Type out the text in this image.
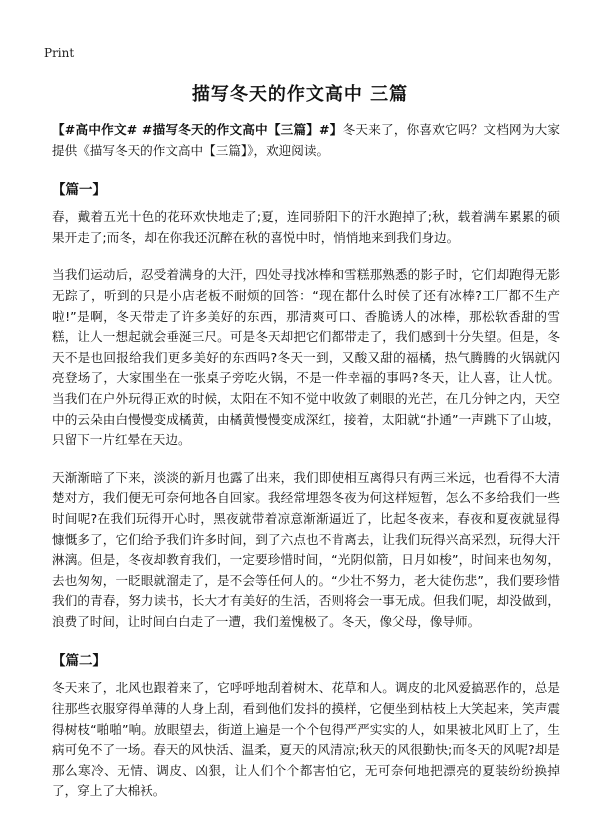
Print
描写冬天的作文高中 三篇

【#高中作文# #描写冬天的作文高中【三篇】#】冬天来了，你喜欢它吗？文档网为大家提供《描写冬天的作文高中【三篇】》，欢迎阅读。

【篇一】

春，戴着五光十色的花环欢快地走了;夏，连同骄阳下的汗水跑掉了;秋，载着满车累累的硕果开走了;而冬，却在你我还沉醉在秋的喜悦中时，悄悄地来到我们身边。

当我们运动后，忍受着满身的大汗，四处寻找冰棒和雪糕那熟悉的影子时，它们却跑得无影无踪了，听到的只是小店老板不耐烦的回答：“现在都什么时侯了还有冰棒?工厂都不生产啦!”是啊，冬天带走了许多美好的东西，那清爽可口、香脆诱人的冰棒，那松软香甜的雪糕，让人一想起就会垂涎三尺。可是冬天却把它们都带走了，我们感到十分失望。但是，冬天不是也回报给我们更多美好的东西吗?冬天一到，又酸又甜的福橘，热气腾腾的火锅就闪亮登场了，大家围坐在一张桌子旁吃火锅，不是一件幸福的事吗?冬天，让人喜，让人忧。当我们在户外玩得正欢的时候，太阳在不知不觉中收敛了刺眼的光芒，在几分钟之内，天空中的云朵由白慢慢变成橘黄，由橘黄慢慢变成深红，接着，太阳就“扑通”一声跳下了山坡，只留下一片红晕在天边。

天渐渐暗了下来，淡淡的新月也露了出来，我们即使相互离得只有两三米远，也看得不大清楚对方，我们便无可奈何地各自回家。我经常埋怨冬夜为何这样短暂，怎么不多给我们一些时间呢?在我们玩得开心时，黑夜就带着凉意渐渐逼近了，比起冬夜来，春夜和夏夜就显得慷慨多了，它们给予我们许多时间，到了六点也不肯离去，让我们玩得兴高采烈，玩得大汗淋漓。但是，冬夜却教育我们，一定要珍惜时间，“光阴似箭，日月如梭”，时间来也匆匆，去也匆匆，一眨眼就溜走了，是不会等任何人的。“少壮不努力，老大徒伤悲”，我们要珍惜我们的青春，努力读书，长大才有美好的生活，否则将会一事无成。但我们呢，却没做到，浪费了时间，让时间白白走了一遭，我们羞愧极了。冬天，像父母，像导师。

【篇二】

冬天来了，北风也跟着来了，它呼呼地刮着树木、花草和人。调皮的北风爱搞恶作的，总是往那些衣服穿得单薄的人身上刮，看到他们发抖的摸样，它便坐到枯枝上大笑起来，笑声震得树枝“啪啪”响。放眼望去，街道上遍是一个个包得严严实实的人，如果被北风盯上了，生病可免不了一场。春天的风快活、温柔，夏天的风清凉;秋天的风很勤快;而冬天的风呢?却是那么寒冷、无情、调皮、凶狠，让人们个个都害怕它，无可奈何地把漂亮的夏装纷纷换掉了，穿上了大棉袄。
